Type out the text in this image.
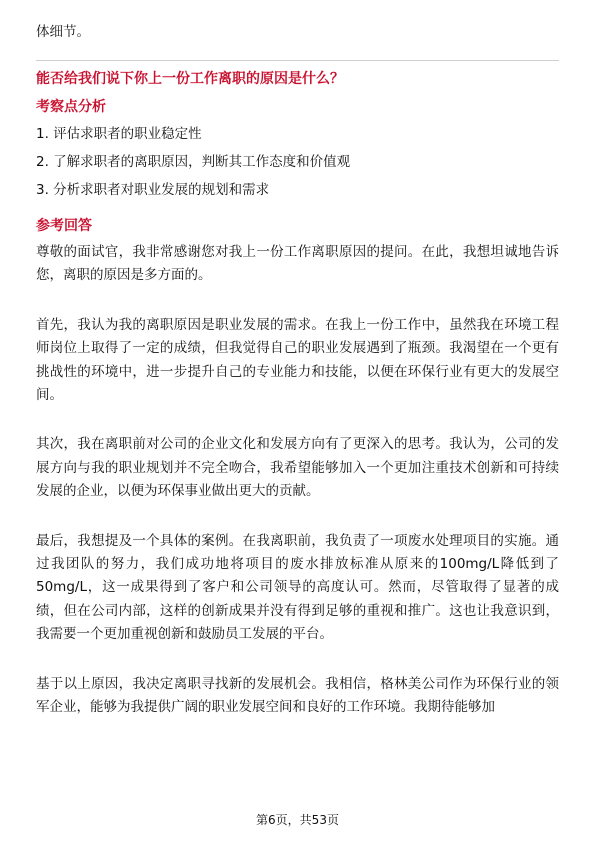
体细节。

能否给我们说下你上一份工作离职的原因是什么？
考察点分析
1. 评估求职者的职业稳定性
2. 了解求职者的离职原因，判断其工作态度和价值观
3. 分析求职者对职业发展的规划和需求
参考回答

尊敬的面试官，我非常感谢您对我上一份工作离职原因的提问。在此，我想坦诚地告诉您，离职的原因是多方面的。

首先，我认为我的离职原因是职业发展的需求。在我上一份工作中，虽然我在环境工程师岗位上取得了一定的成绩，但我觉得自己的职业发展遇到了瓶颈。我渴望在一个更有挑战性的环境中，进一步提升自己的专业能力和技能，以便在环保行业有更大的发展空间。

其次，我在离职前对公司的企业文化和发展方向有了更深入的思考。我认为，公司的发展方向与我的职业规划并不完全吻合，我希望能够加入一个更加注重技术创新和可持续发展的企业，以便为环保事业做出更大的贡献。

最后，我想提及一个具体的案例。在我离职前，我负责了一项废水处理项目的实施。通过我团队的努力，我们成功地将项目的废水排放标准从原来的100mg/L降低到了50mg/L，这一成果得到了客户和公司领导的高度认可。然而，尽管取得了显著的成绩，但在公司内部，这样的创新成果并没有得到足够的重视和推广。这也让我意识到，我需要一个更加重视创新和鼓励员工发展的平台。

基于以上原因，我决定离职寻找新的发展机会。我相信，格林美公司作为环保行业的领军企业，能够为我提供广阔的职业发展空间和良好的工作环境。我期待能够加

第6页，共53页
